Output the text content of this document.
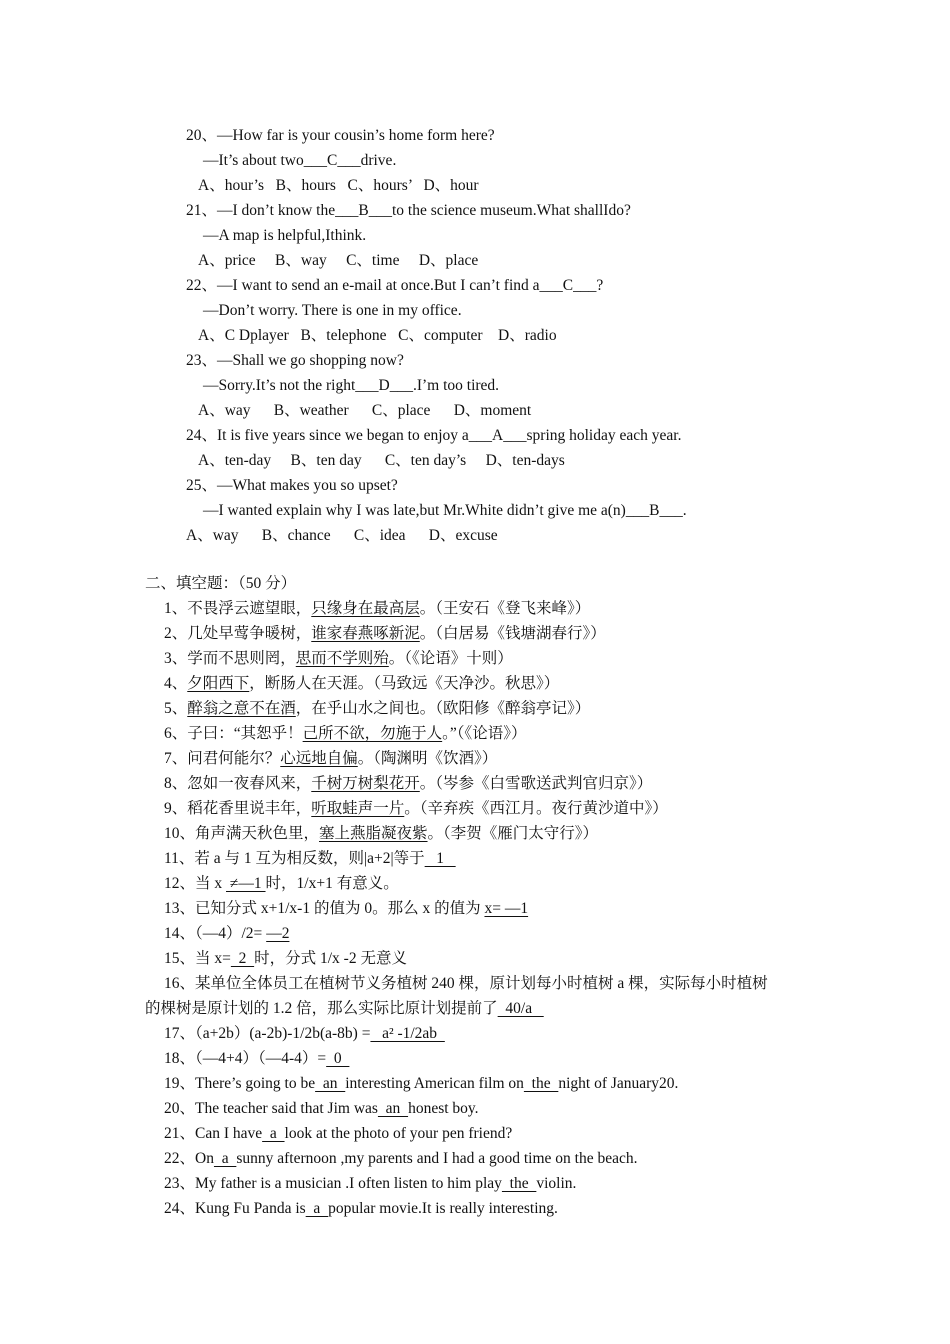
20、—How far is your cousin’s home form here?
—It’s about two___C___drive.
A、hour’s   B、hours   C、hours’   D、hour
21、—I don’t know the___B___to the science museum.What shallIdo?
—A map is helpful,Ithink.
A、price     B、way     C、time     D、place
22、—I want to send an e-mail at once.But I can’t find a___C___?
—Don’t worry. There is one in my office.
A、C Dplayer   B、telephone   C、computer    D、radio
23、—Shall we go shopping now?
—Sorry.It’s not the right___D___.I’m too tired.
A、way      B、weather      C、place      D、moment
24、It is five years since we began to enjoy a___A___spring holiday each year.
A、ten-day     B、ten day      C、ten day’s     D、ten-days
25、—What makes you so upset?
—I wanted explain why I was late,but Mr.White didn’t give me a(n)___B___.
A、way      B、chance      C、idea      D、excuse
二、填空题：（50 分）
1、不畏浮云遮望眼，只缘身在最高层。（王安石《登飞来峰》）
2、几处早莺争暖树，谁家春燕啄新泥。（白居易《钱塘湖春行》）
3、学而不思则罔，思而不学则殆。（《论语》十则）
4、夕阳西下，断肠人在天涯。（马致远《天净沙。秋思》）
5、醉翁之意不在酒，在乎山水之间也。（欧阳修《醉翁亭记》）
6、子曰：“其恕乎！己所不欲，勿施于人。”（《论语》）
7、问君何能尔？心远地自偏。（陶渊明《饮酒》）
8、忽如一夜春风来，千树万树梨花开。（岑参《白雪歌送武判官归京》）
9、稻花香里说丰年，听取蛙声一片。（辛弃疾《西江月。夜行黄沙道中》）
10、角声满天秋色里，塞上燕脂凝夜紫。（李贺《雁门太守行》）
11、若 a 与 1 互为相反数，则|a+2|等于   1
12、当 x  ≠—1 时，1/x+1 有意义。
13、已知分式 x+1/x-1 的值为 0。那么 x 的值为 x= —1
14、（—4）/2= —2
15、当 x=  2  时，分式 1/x -2 无意义
16、某单位全体员工在植树节义务植树 240 棵，原计划每小时植树 a 棵，实际每小时植树
的棵树是原计划的 1.2 倍，那么实际比原计划提前了  40/a
17、（a+2b）(a-2b)-1/2b(a-8b) =   a² -1/2ab
18、（—4+4）（—4-4）=  0
19、There’s going to be  an  interesting American film on  the  night of January20.
20、The teacher said that Jim was  an  honest boy.
21、Can I have  a  look at the photo of your pen friend?
22、On  a  sunny afternoon ,my parents and I had a good time on the beach.
23、My father is a musician .I often listen to him play  the  violin.
24、Kung Fu Panda is  a  popular movie.It is really interesting.
